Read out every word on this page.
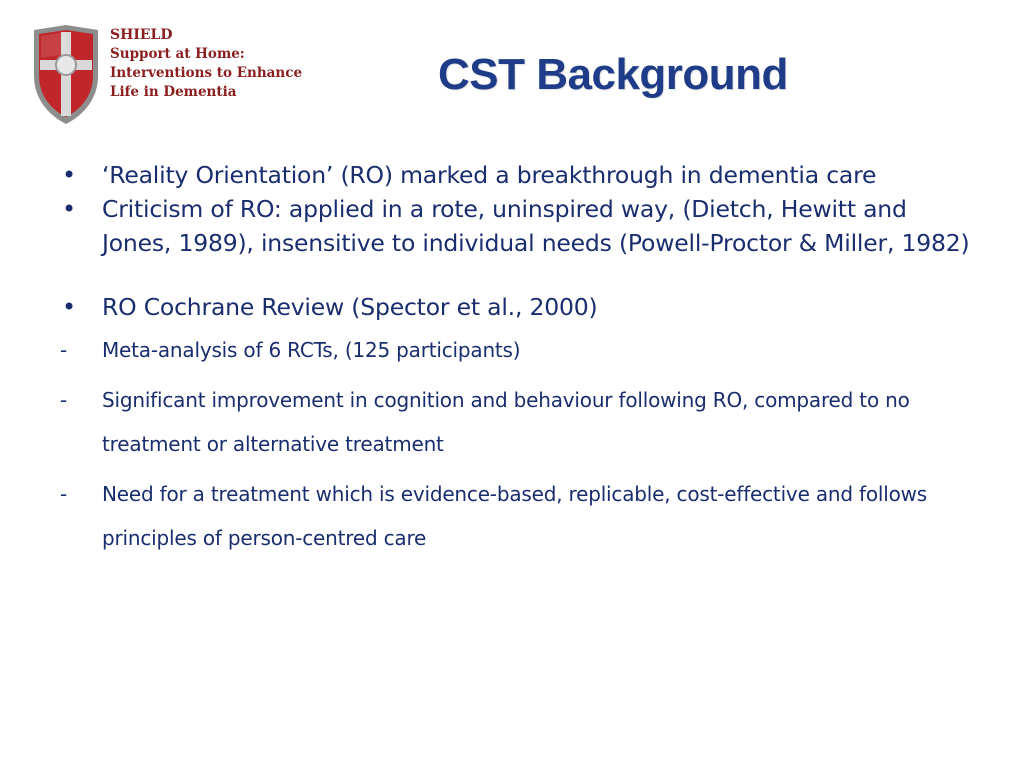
SHIELD
Support at Home:
Interventions to Enhance
Life in Dementia	CST Background
• ‘Reality Orientation’ (RO) marked a breakthrough in dementia care
• Criticism of RO: applied in a rote, uninspired way, (Dietch, Hewitt and Jones, 1989), insensitive to individual needs (Powell-Proctor & Miller, 1982)
• RO Cochrane Review (Spector et al., 2000)
- Meta-analysis of 6 RCTs, (125 participants)
- Significant improvement in cognition and behaviour following RO, compared to no treatment or alternative treatment
- Need for a treatment which is evidence-based, replicable, cost-effective and follows principles of person-centred care
